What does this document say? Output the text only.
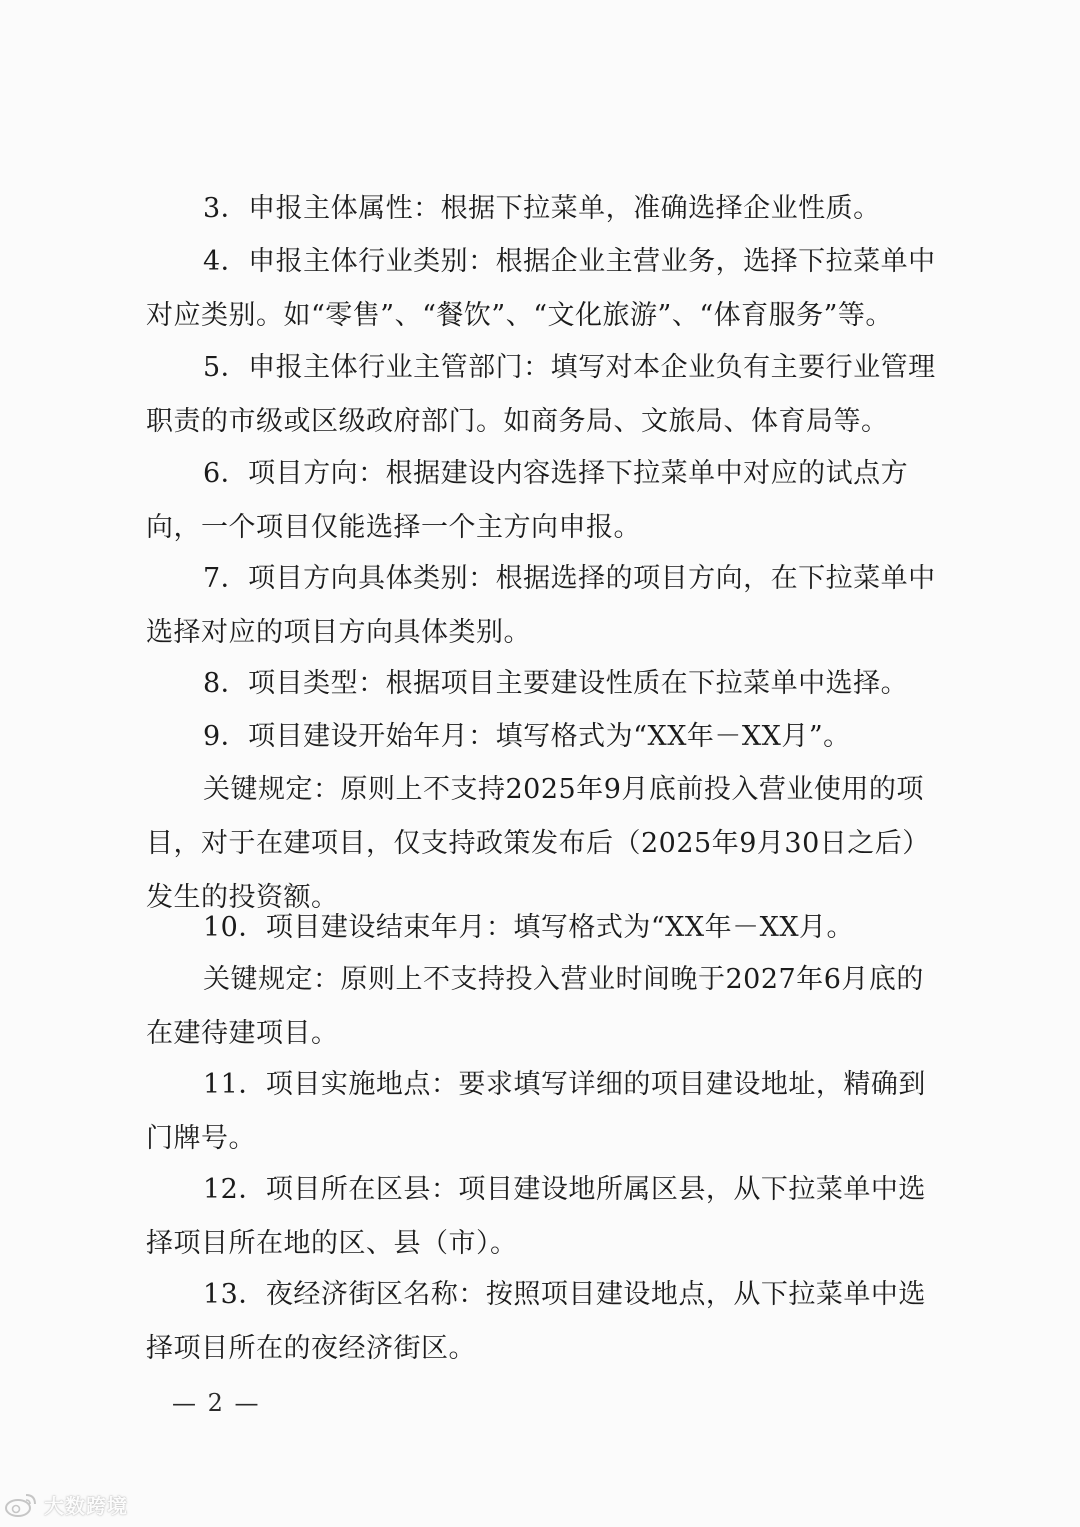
3．申报主体属性：根据下拉菜单，准确选择企业性质。

4．申报主体行业类别：根据企业主营业务，选择下拉菜单中对应类别。如“零售”、“餐饮”、“文化旅游”、“体育服务”等。

5．申报主体行业主管部门：填写对本企业负有主要行业管理职责的市级或区级政府部门。如商务局、文旅局、体育局等。

6．项目方向：根据建设内容选择下拉菜单中对应的试点方向，一个项目仅能选择一个主方向申报。

7．项目方向具体类别：根据选择的项目方向，在下拉菜单中选择对应的项目方向具体类别。

8．项目类型：根据项目主要建设性质在下拉菜单中选择。

9．项目建设开始年月：填写格式为“XX年－XX月”。

关键规定：原则上不支持2025年9月底前投入营业使用的项目，对于在建项目，仅支持政策发布后（2025年9月30日之后）发生的投资额。

10．项目建设结束年月：填写格式为“XX年－XX月。

关键规定：原则上不支持投入营业时间晚于2027年6月底的在建待建项目。

11．项目实施地点：要求填写详细的项目建设地址，精确到门牌号。

12．项目所在区县：项目建设地所属区县，从下拉菜单中选择项目所在地的区、县（市）。

13．夜经济街区名称：按照项目建设地点，从下拉菜单中选择项目所在的夜经济街区。

— 2 —
大数跨境
